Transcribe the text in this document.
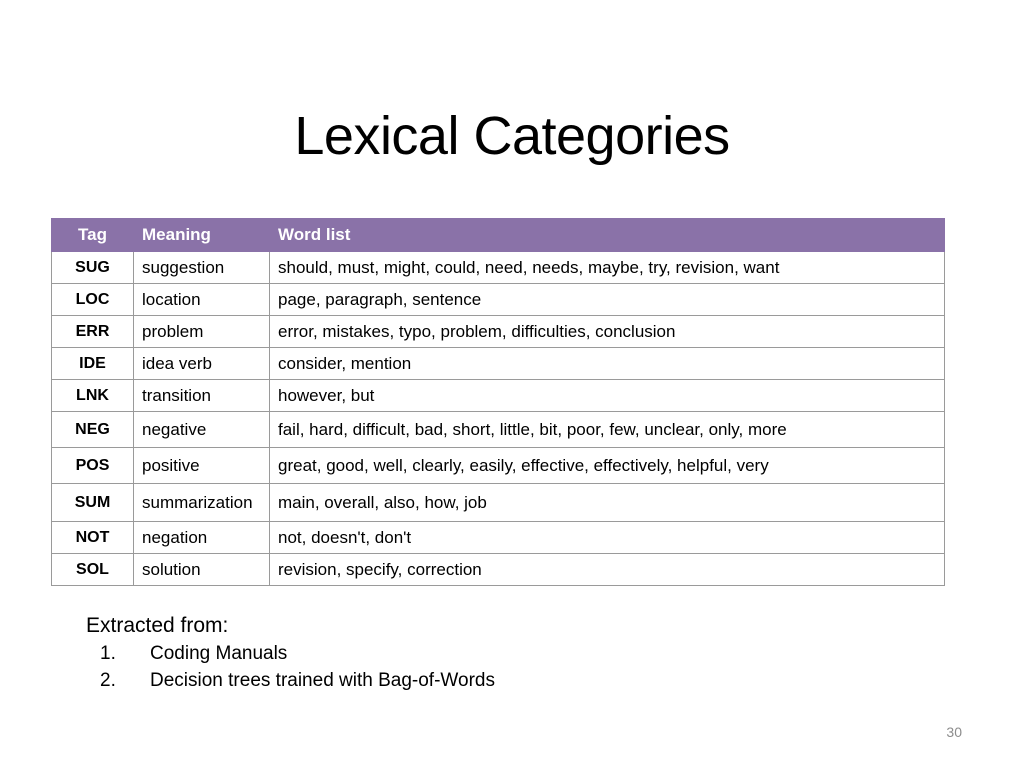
Lexical Categories
Tag	Meaning	Word list
SUG	suggestion	should, must, might, could, need, needs, maybe, try, revision, want
LOC	location	page, paragraph, sentence
ERR	problem	error, mistakes, typo, problem, difficulties, conclusion
IDE	idea verb	consider, mention
LNK	transition	however, but
NEG	negative	fail, hard, difficult, bad, short, little, bit, poor, few, unclear, only, more
POS	positive	great, good, well, clearly, easily, effective, effectively, helpful, very
SUM	summarization	main, overall, also, how, job
NOT	negation	not, doesn't, don't
SOL	solution	revision, specify, correction
Extracted from:
1.	Coding Manuals
2.	Decision trees trained with Bag-of-Words
30
